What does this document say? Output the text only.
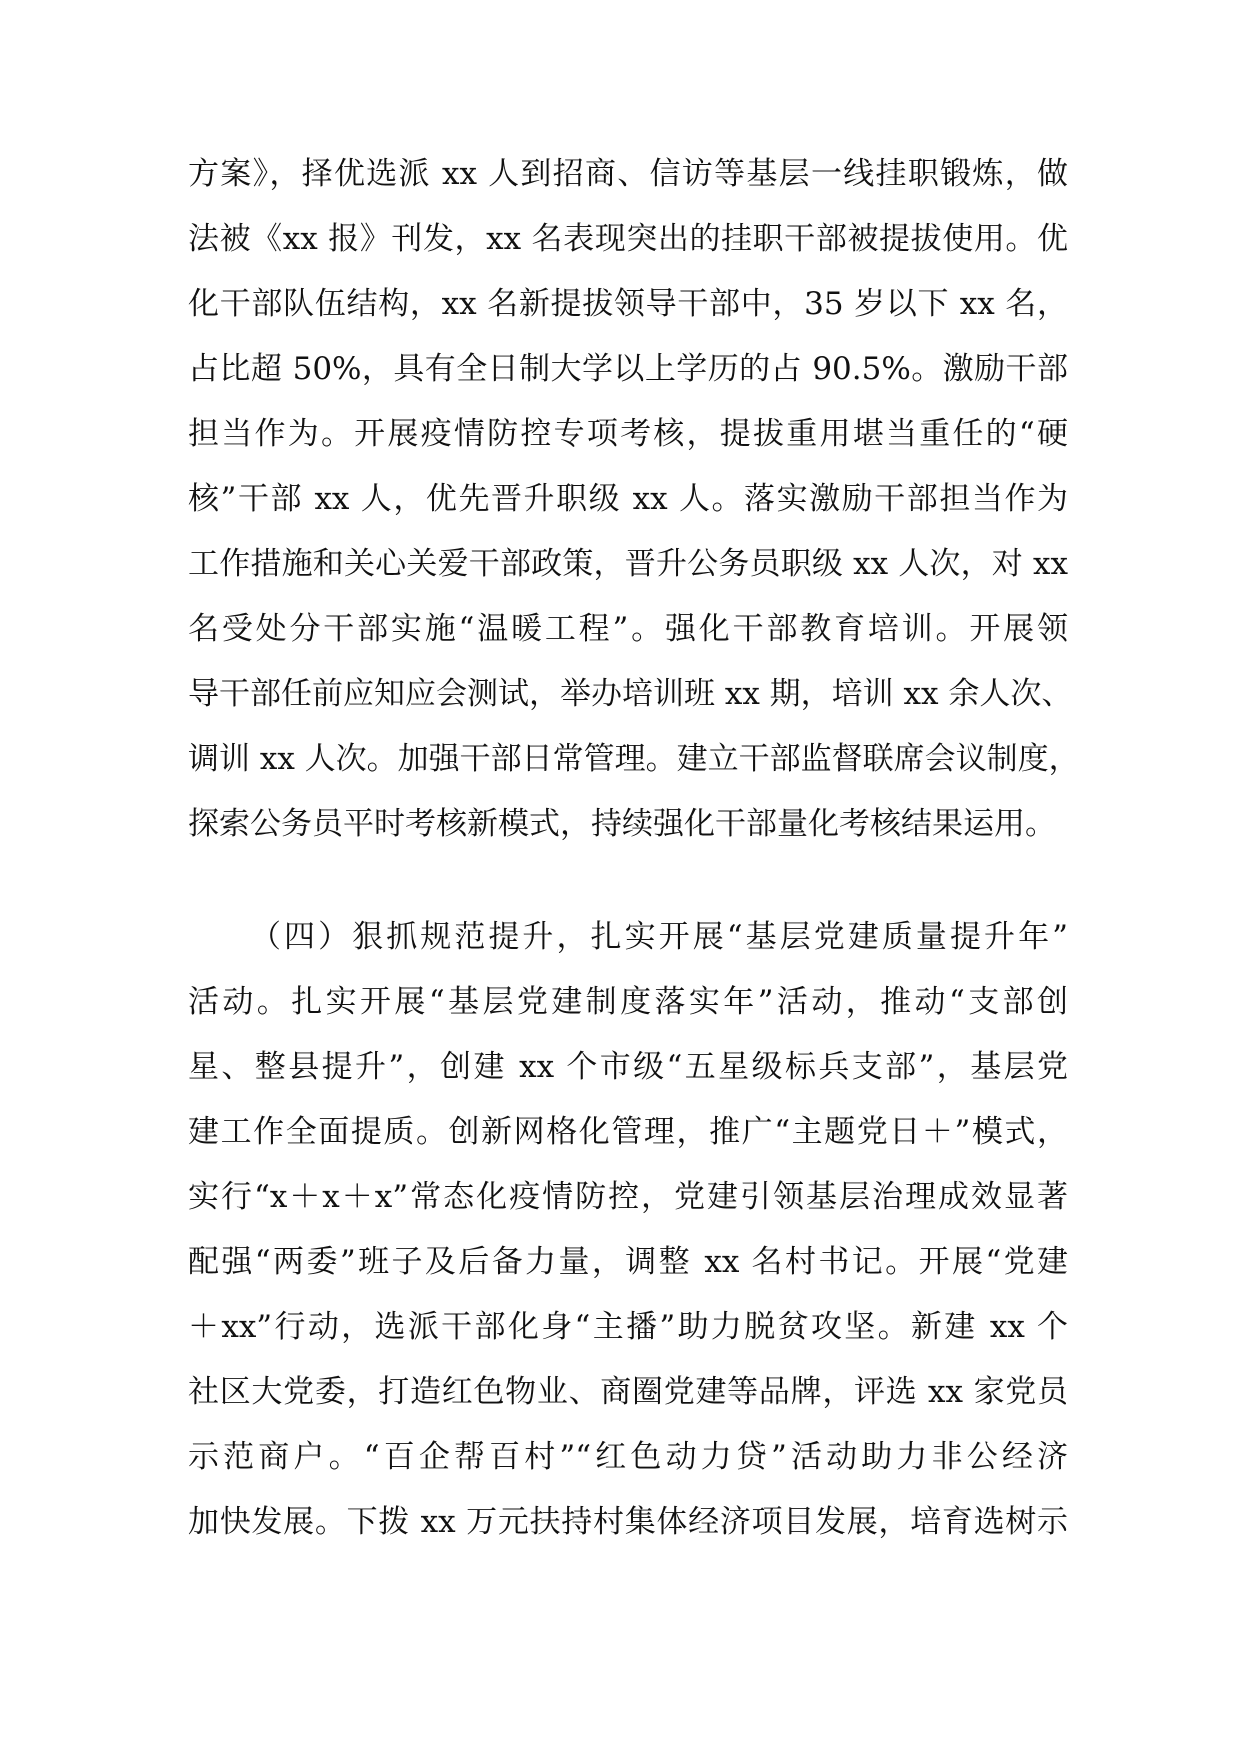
方案》，择优选派 xx 人到招商、信访等基层一线挂职锻炼，做
法被《xx 报》刊发，xx 名表现突出的挂职干部被提拔使用。优
化干部队伍结构，xx 名新提拔领导干部中，35 岁以下 xx 名，
占比超 50%，具有全日制大学以上学历的占 90.5%。激励干部
担当作为。开展疫情防控专项考核，提拔重用堪当重任的“硬
核”干部 xx 人，优先晋升职级 xx 人。落实激励干部担当作为
工作措施和关心关爱干部政策，晋升公务员职级 xx 人次，对 xx
名受处分干部实施“温暖工程”。强化干部教育培训。开展领
导干部任前应知应会测试，举办培训班 xx 期，培训 xx 余人次、
调训 xx 人次。加强干部日常管理。建立干部监督联席会议制度，
探索公务员平时考核新模式，持续强化干部量化考核结果运用。
（四）狠抓规范提升，扎实开展“基层党建质量提升年”
活动。扎实开展“基层党建制度落实年”活动，推动“支部创
星、整县提升”，创建 xx 个市级“五星级标兵支部”，基层党
建工作全面提质。创新网格化管理，推广“主题党日＋”模式，
实行“x＋x＋x”常态化疫情防控，党建引领基层治理成效显著
配强“两委”班子及后备力量，调整 xx 名村书记。开展“党建
＋xx”行动，选派干部化身“主播”助力脱贫攻坚。新建 xx 个
社区大党委，打造红色物业、商圈党建等品牌，评选 xx 家党员
示范商户。“百企帮百村”“红色动力贷”活动助力非公经济
加快发展。下拨 xx 万元扶持村集体经济项目发展，培育选树示
